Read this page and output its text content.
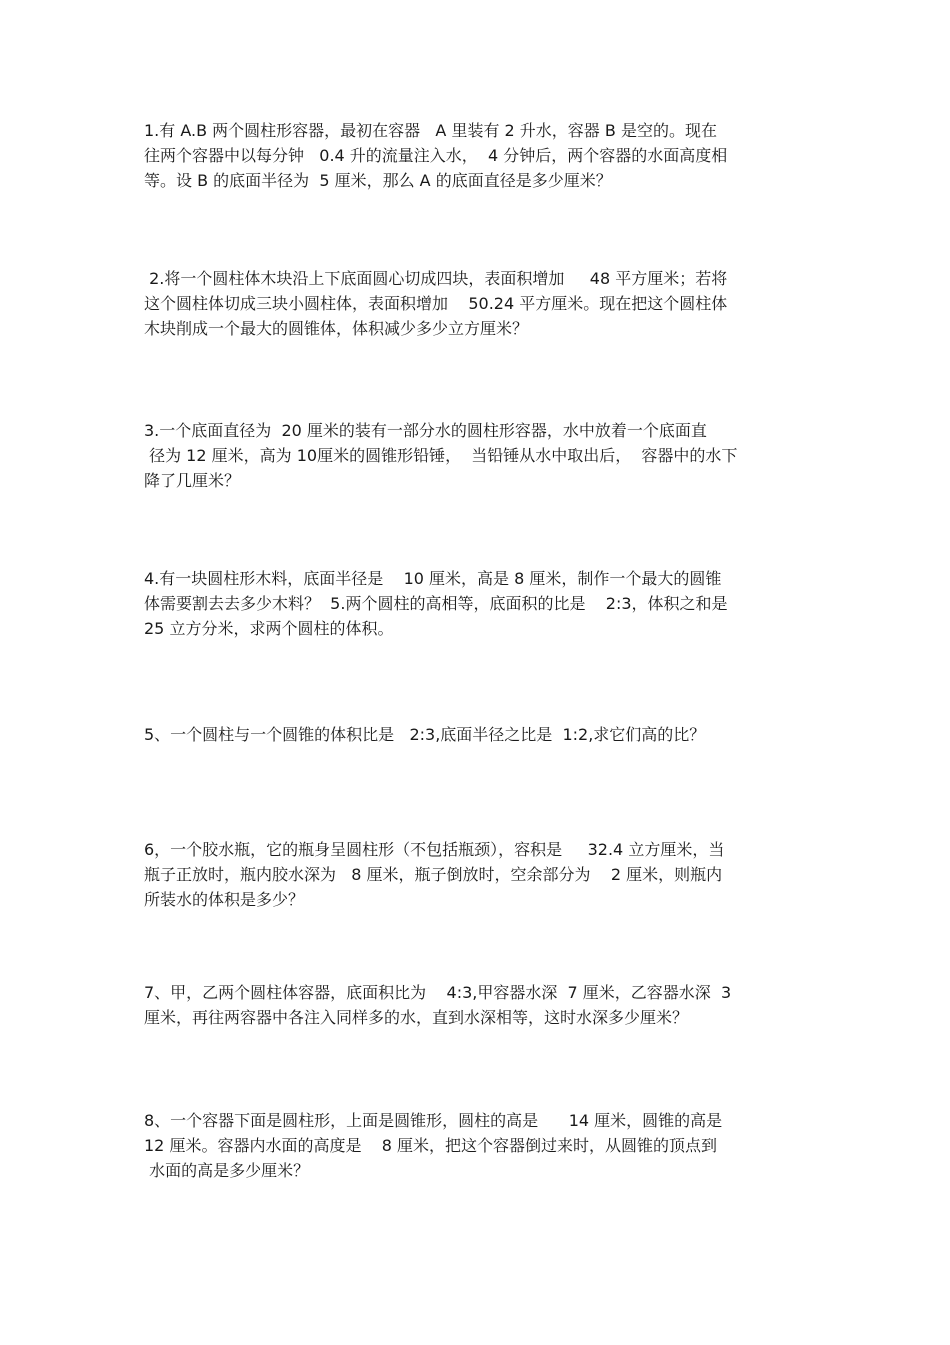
1.有 A.B 两个圆柱形容器，最初在容器   A 里装有 2 升水，容器 B 是空的。现在
往两个容器中以每分钟   0.4 升的流量注入水，  4 分钟后，两个容器的水面高度相
等。设 B 的底面半径为  5 厘米，那么 A 的底面直径是多少厘米？
2.将一个圆柱体木块沿上下底面圆心切成四块，表面积增加     48 平方厘米；若将
这个圆柱体切成三块小圆柱体，表面积增加    50.24 平方厘米。现在把这个圆柱体
木块削成一个最大的圆锥体，体积减少多少立方厘米？
3.一个底面直径为  20 厘米的装有一部分水的圆柱形容器，水中放着一个底面直
径为 12 厘米，高为 10厘米的圆锥形铅锤，  当铅锤从水中取出后，  容器中的水下
降了几厘米？
4.有一块圆柱形木料，底面半径是    10 厘米，高是 8 厘米，制作一个最大的圆锥
体需要割去去多少木料？  5.两个圆柱的高相等，底面积的比是    2:3，体积之和是
25 立方分米，求两个圆柱的体积。
5、一个圆柱与一个圆锥的体积比是   2:3,底面半径之比是  1:2,求它们高的比？
6，一个胶水瓶，它的瓶身呈圆柱形（不包括瓶颈），容积是     32.4 立方厘米，当
瓶子正放时，瓶内胶水深为   8 厘米，瓶子倒放时，空余部分为    2 厘米，则瓶内
所装水的体积是多少？
7、甲，乙两个圆柱体容器，底面积比为    4:3,甲容器水深  7 厘米，乙容器水深  3
厘米，再往两容器中各注入同样多的水，直到水深相等，这时水深多少厘米？
8、一个容器下面是圆柱形，上面是圆锥形，圆柱的高是      14 厘米，圆锥的高是
12 厘米。容器内水面的高度是    8 厘米，把这个容器倒过来时，从圆锥的顶点到
水面的高是多少厘米？
